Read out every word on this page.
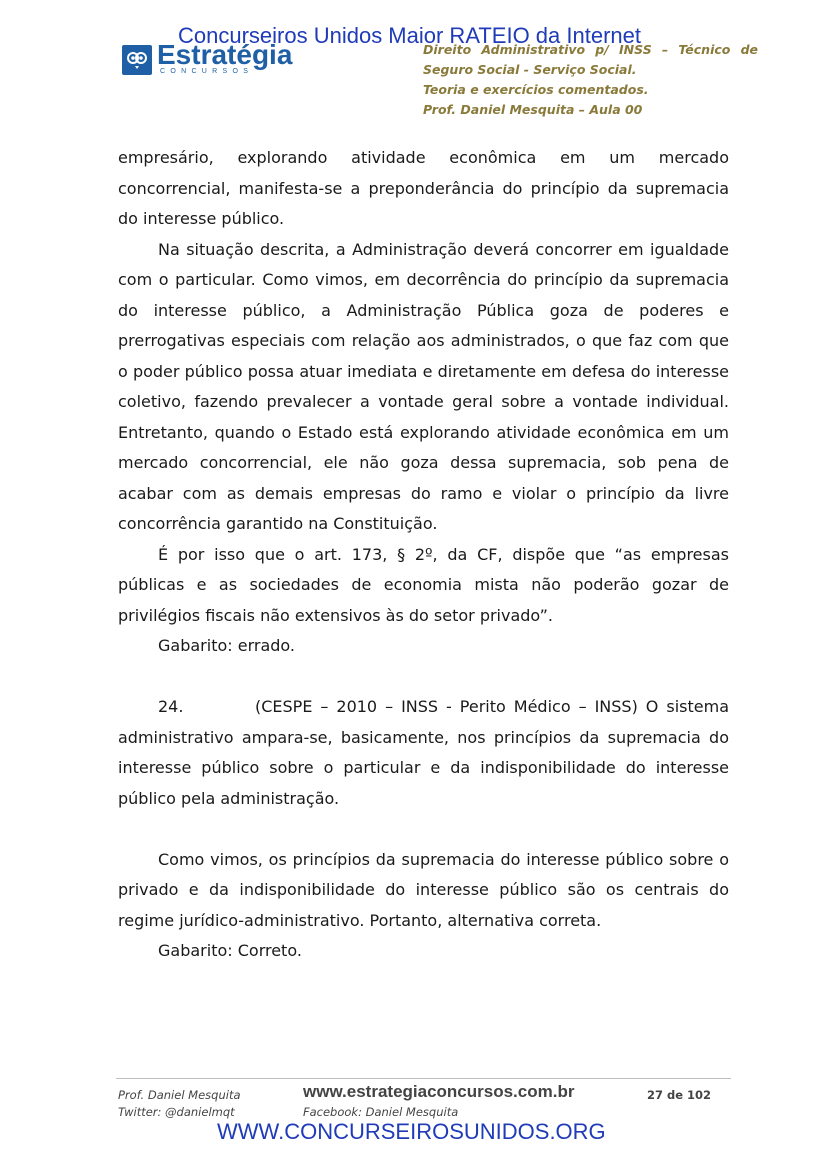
Concurseiros Unidos Maior RATEIO da Internet
Estratégia
CONCURSOS
Direito Administrativo p/ INSS – Técnico de
Seguro Social - Serviço Social.
Teoria e exercícios comentados.
Prof. Daniel Mesquita – Aula 00

empresário, explorando atividade econômica em um mercado concorrencial, manifesta-se a preponderância do princípio da supremacia do interesse público.

Na situação descrita, a Administração deverá concorrer em igualdade com o particular. Como vimos, em decorrência do princípio da supremacia do interesse público, a Administração Pública goza de poderes e prerrogativas especiais com relação aos administrados, o que faz com que o poder público possa atuar imediata e diretamente em defesa do interesse coletivo, fazendo prevalecer a vontade geral sobre a vontade individual. Entretanto, quando o Estado está explorando atividade econômica em um mercado concorrencial, ele não goza dessa supremacia, sob pena de acabar com as demais empresas do ramo e violar o princípio da livre concorrência garantido na Constituição.

É por isso que o art. 173, § 2º, da CF, dispõe que “as empresas públicas e as sociedades de economia mista não poderão gozar de privilégios fiscais não extensivos às do setor privado”.

Gabarito: errado.

24.	(CESPE – 2010 – INSS - Perito Médico – INSS) O sistema administrativo ampara-se, basicamente, nos princípios da supremacia do interesse público sobre o particular e da indisponibilidade do interesse público pela administração.

Como vimos, os princípios da supremacia do interesse público sobre o privado e da indisponibilidade do interesse público são os centrais do regime jurídico-administrativo. Portanto, alternativa correta.

Gabarito: Correto.

Prof. Daniel Mesquita
Twitter: @danielmqt
www.estrategiaconcursos.com.br
Facebook: Daniel Mesquita
27 de 102
WWW.CONCURSEIROSUNIDOS.ORG
